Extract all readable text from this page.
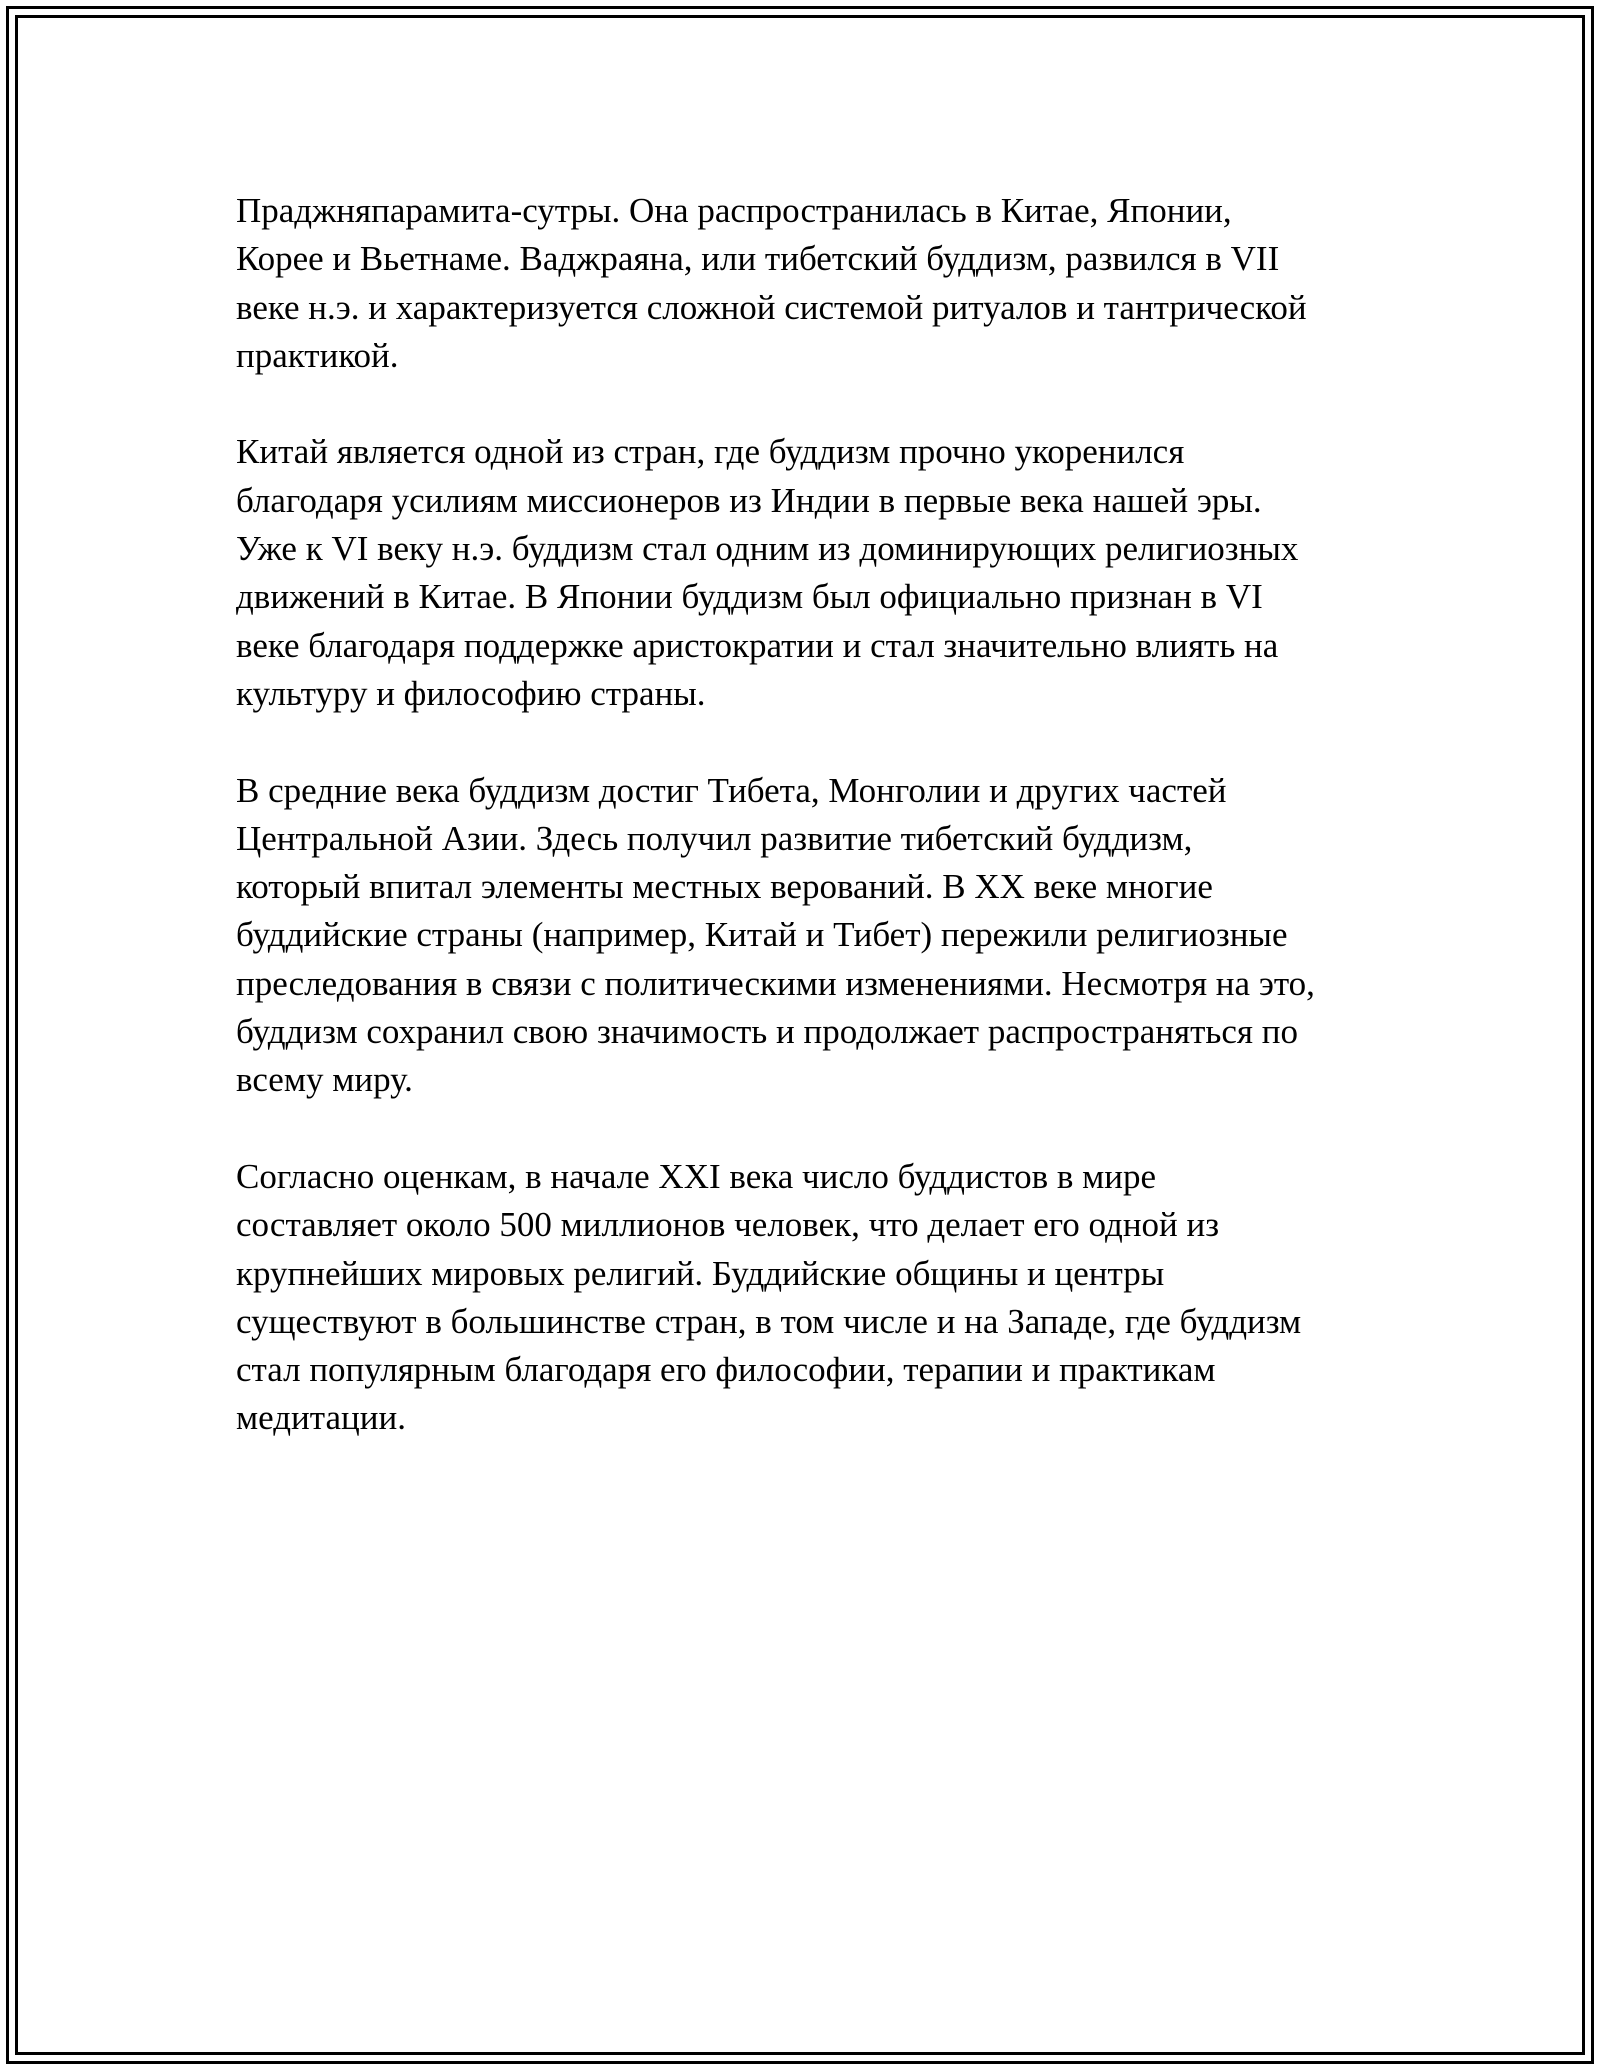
Праджняпарамита-сутры. Она распространилась в Китае, Японии,
Корее и Вьетнаме. Ваджраяна, или тибетский буддизм, развился в VII
веке н.э. и характеризуется сложной системой ритуалов и тантрической
практикой.

Китай является одной из стран, где буддизм прочно укоренился
благодаря усилиям миссионеров из Индии в первые века нашей эры.
Уже к VI веку н.э. буддизм стал одним из доминирующих религиозных
движений в Китае. В Японии буддизм был официально признан в VI
веке благодаря поддержке аристократии и стал значительно влиять на
культуру и философию страны.

В средние века буддизм достиг Тибета, Монголии и других частей
Центральной Азии. Здесь получил развитие тибетский буддизм,
который впитал элементы местных верований. В XX веке многие
буддийские страны (например, Китай и Тибет) пережили религиозные
преследования в связи с политическими изменениями. Несмотря на это,
буддизм сохранил свою значимость и продолжает распространяться по
всему миру.

Согласно оценкам, в начале XXI века число буддистов в мире
составляет около 500 миллионов человек, что делает его одной из
крупнейших мировых религий. Буддийские общины и центры
существуют в большинстве стран, в том числе и на Западе, где буддизм
стал популярным благодаря его философии, терапии и практикам
медитации.
